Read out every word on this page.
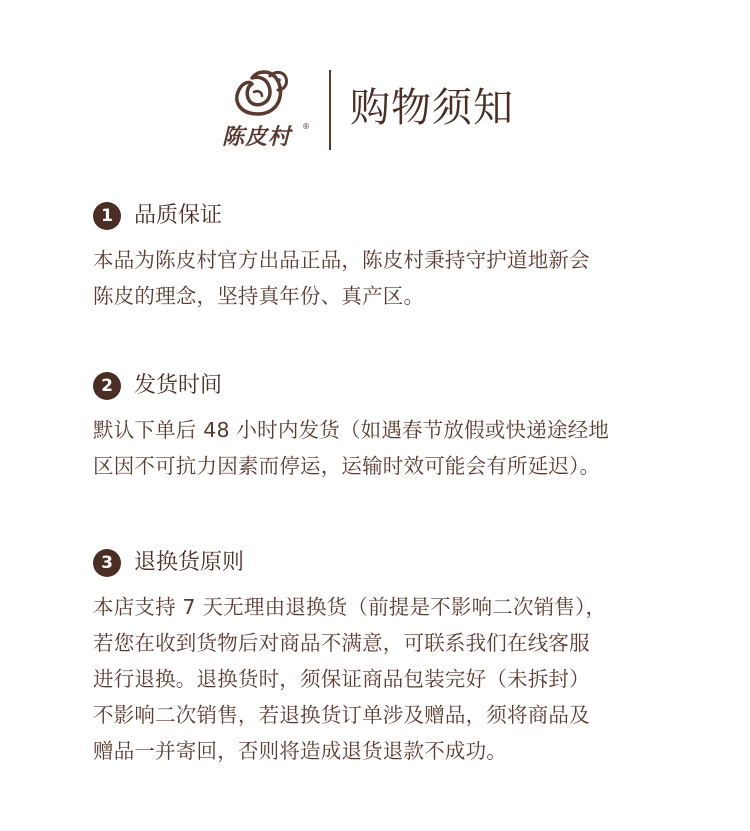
陈皮村 ® 购物须知
1 品质保证
本品为陈皮村官方出品正品，陈皮村秉持守护道地新会
陈皮的理念，坚持真年份、真产区。
2 发货时间
默认下单后 48 小时内发货（如遇春节放假或快递途经地
区因不可抗力因素而停运，运输时效可能会有所延迟）。
3 退换货原则
本店支持 7 天无理由退换货（前提是不影响二次销售），
若您在收到货物后对商品不满意，可联系我们在线客服
进行退换。退换货时，须保证商品包装完好（未拆封）
不影响二次销售，若退换货订单涉及赠品，须将商品及
赠品一并寄回，否则将造成退货退款不成功。
